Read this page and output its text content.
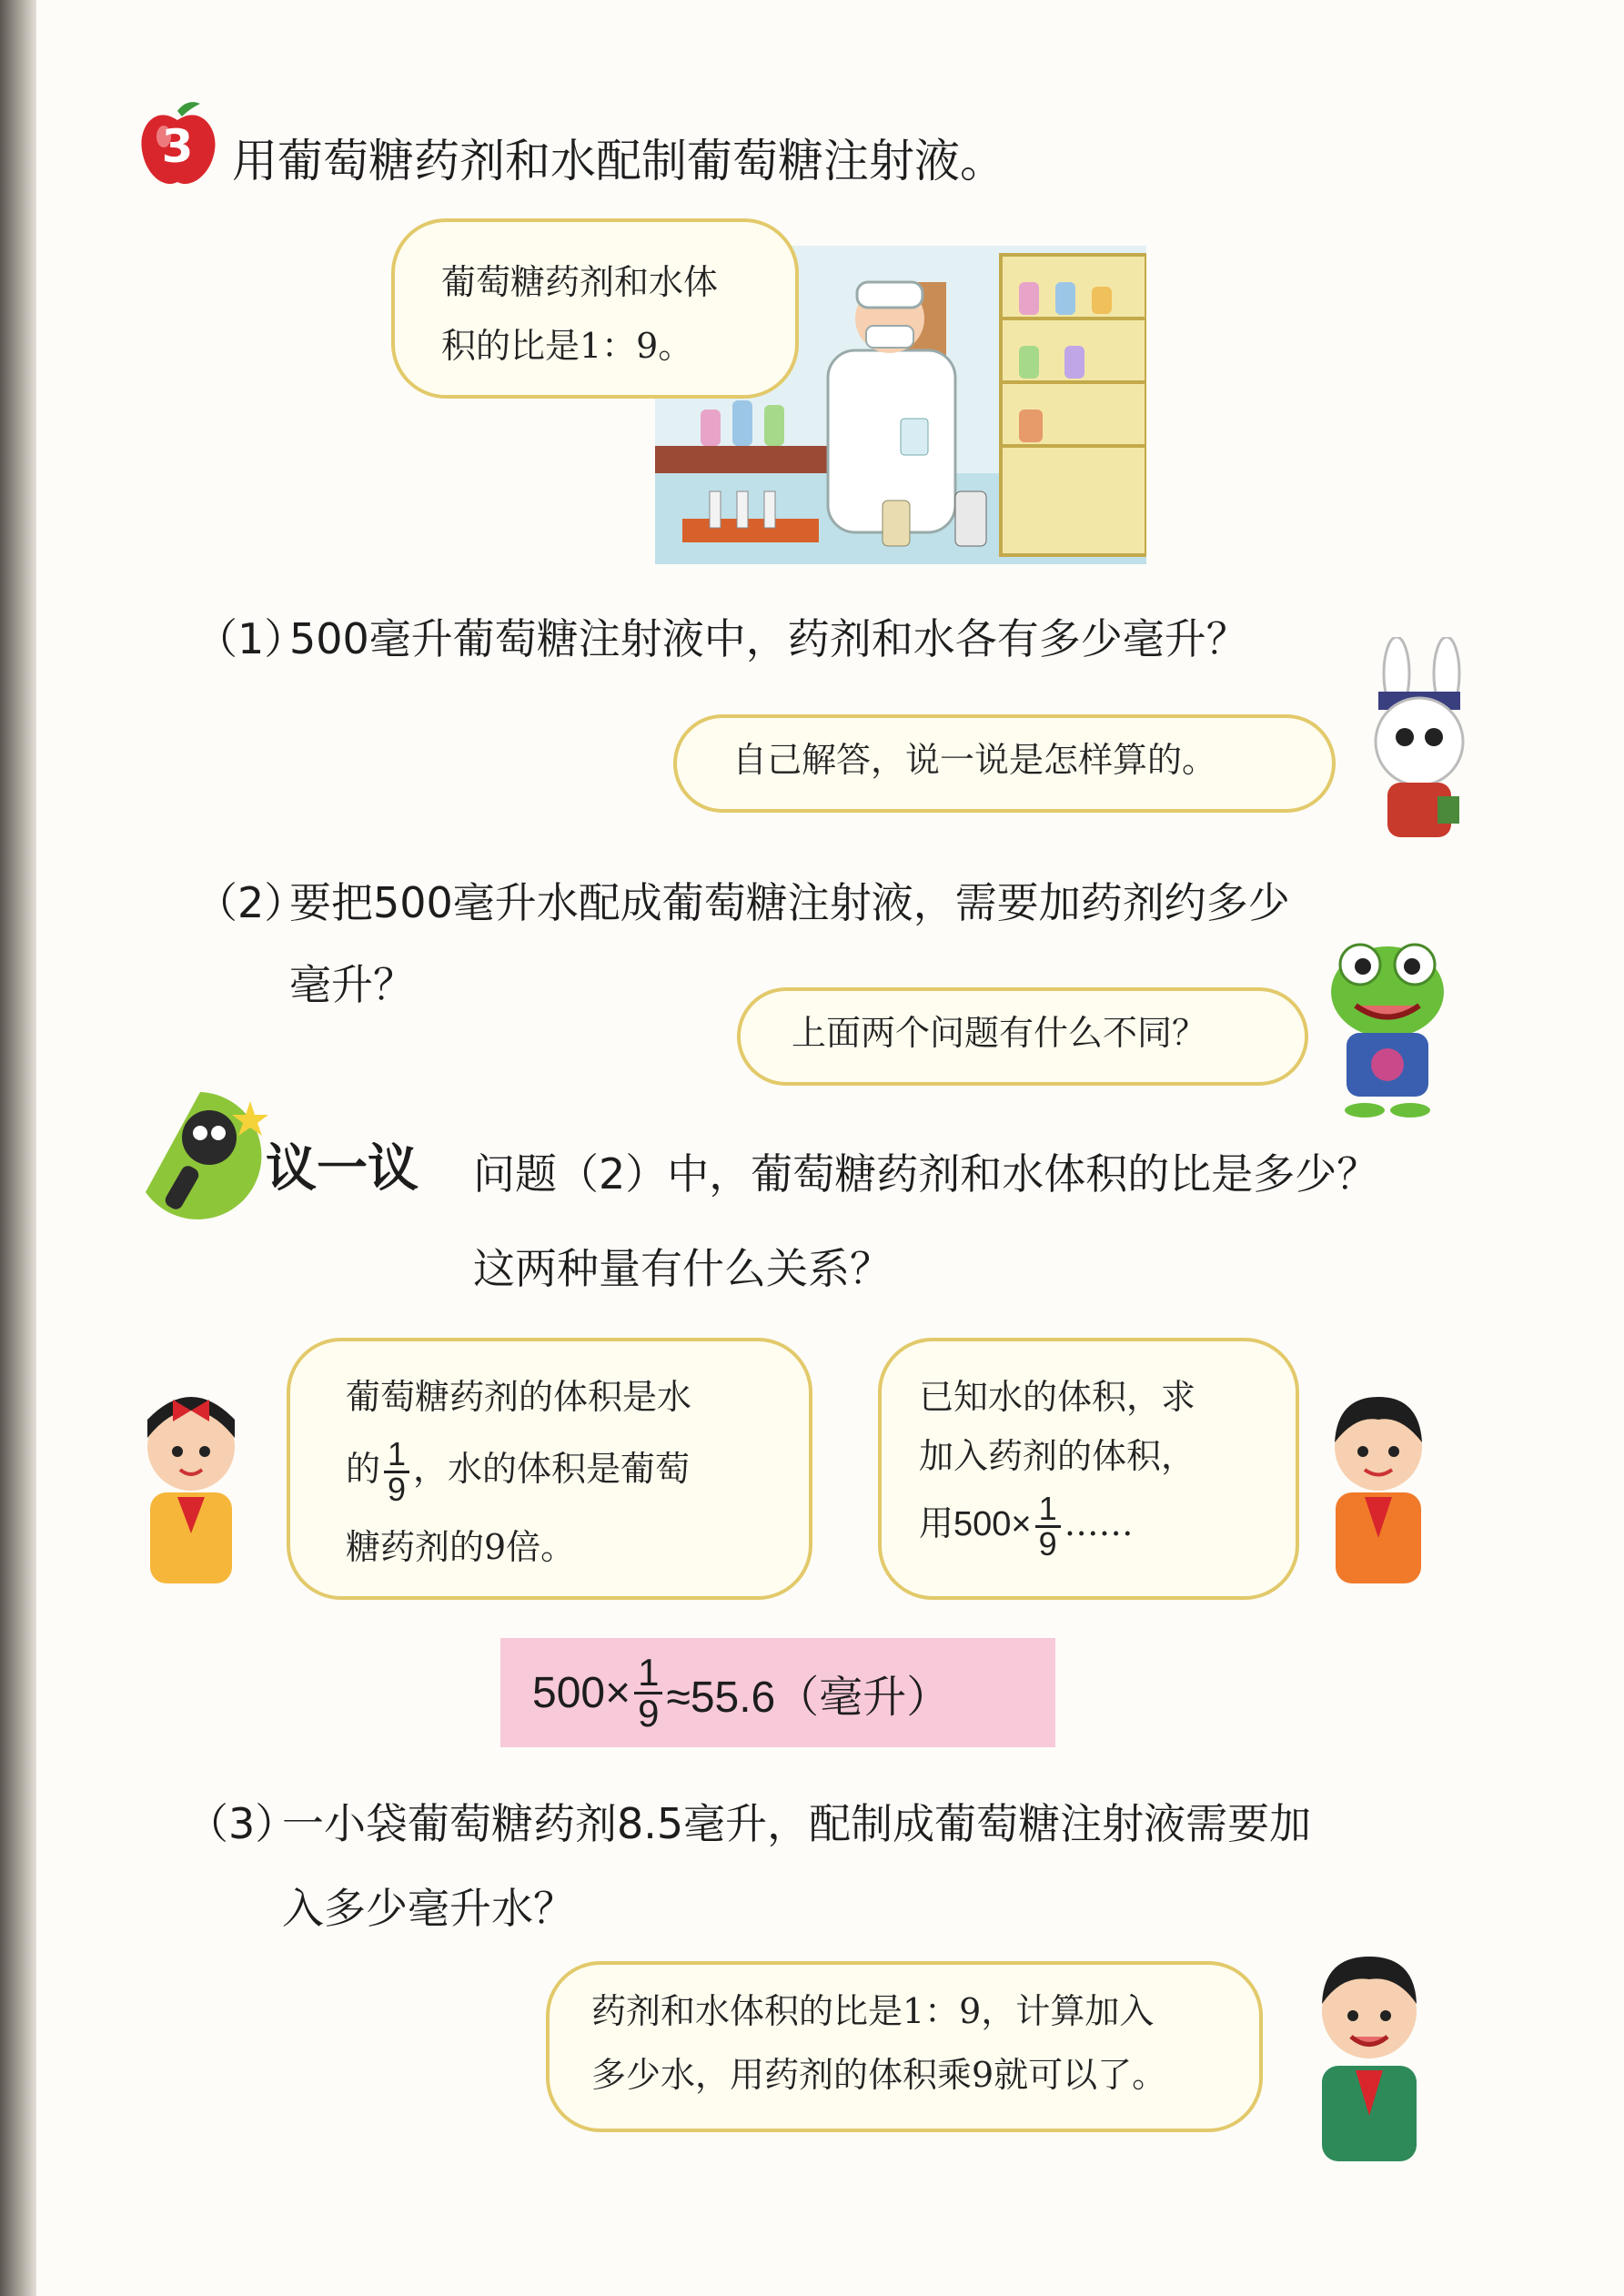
3 用葡萄糖药剂和水配制葡萄糖注射液。
葡萄糖药剂和水体
积的比是1：9。
（1）
500毫升葡萄糖注射液中，药剂和水各有多少毫升？
自己解答，说一说是怎样算的。
（2）
要把500毫升水配成葡萄糖注射液，需要加药剂约多少
毫升？
上面两个问题有什么不同？
议一议 问题（2）中，葡萄糖药剂和水体积的比是多少？
这两种量有什么关系？
葡萄糖药剂的体积是水
的 $\frac{1}{9}$ ，水的体积是葡萄
糖药剂的9倍。
已知水的体积，求
加入药剂的体积，
用$500\times \frac{1}{9}$ ……
$500\times \frac{1}{9} \approx 55.6$（毫升）
（3）
一小袋葡萄糖药剂8.5毫升，配制成葡萄糖注射液需要加
入多少毫升水？
药剂和水体积的比是1：9，计算加入
多少水，用药剂的体积乘9就可以了。
